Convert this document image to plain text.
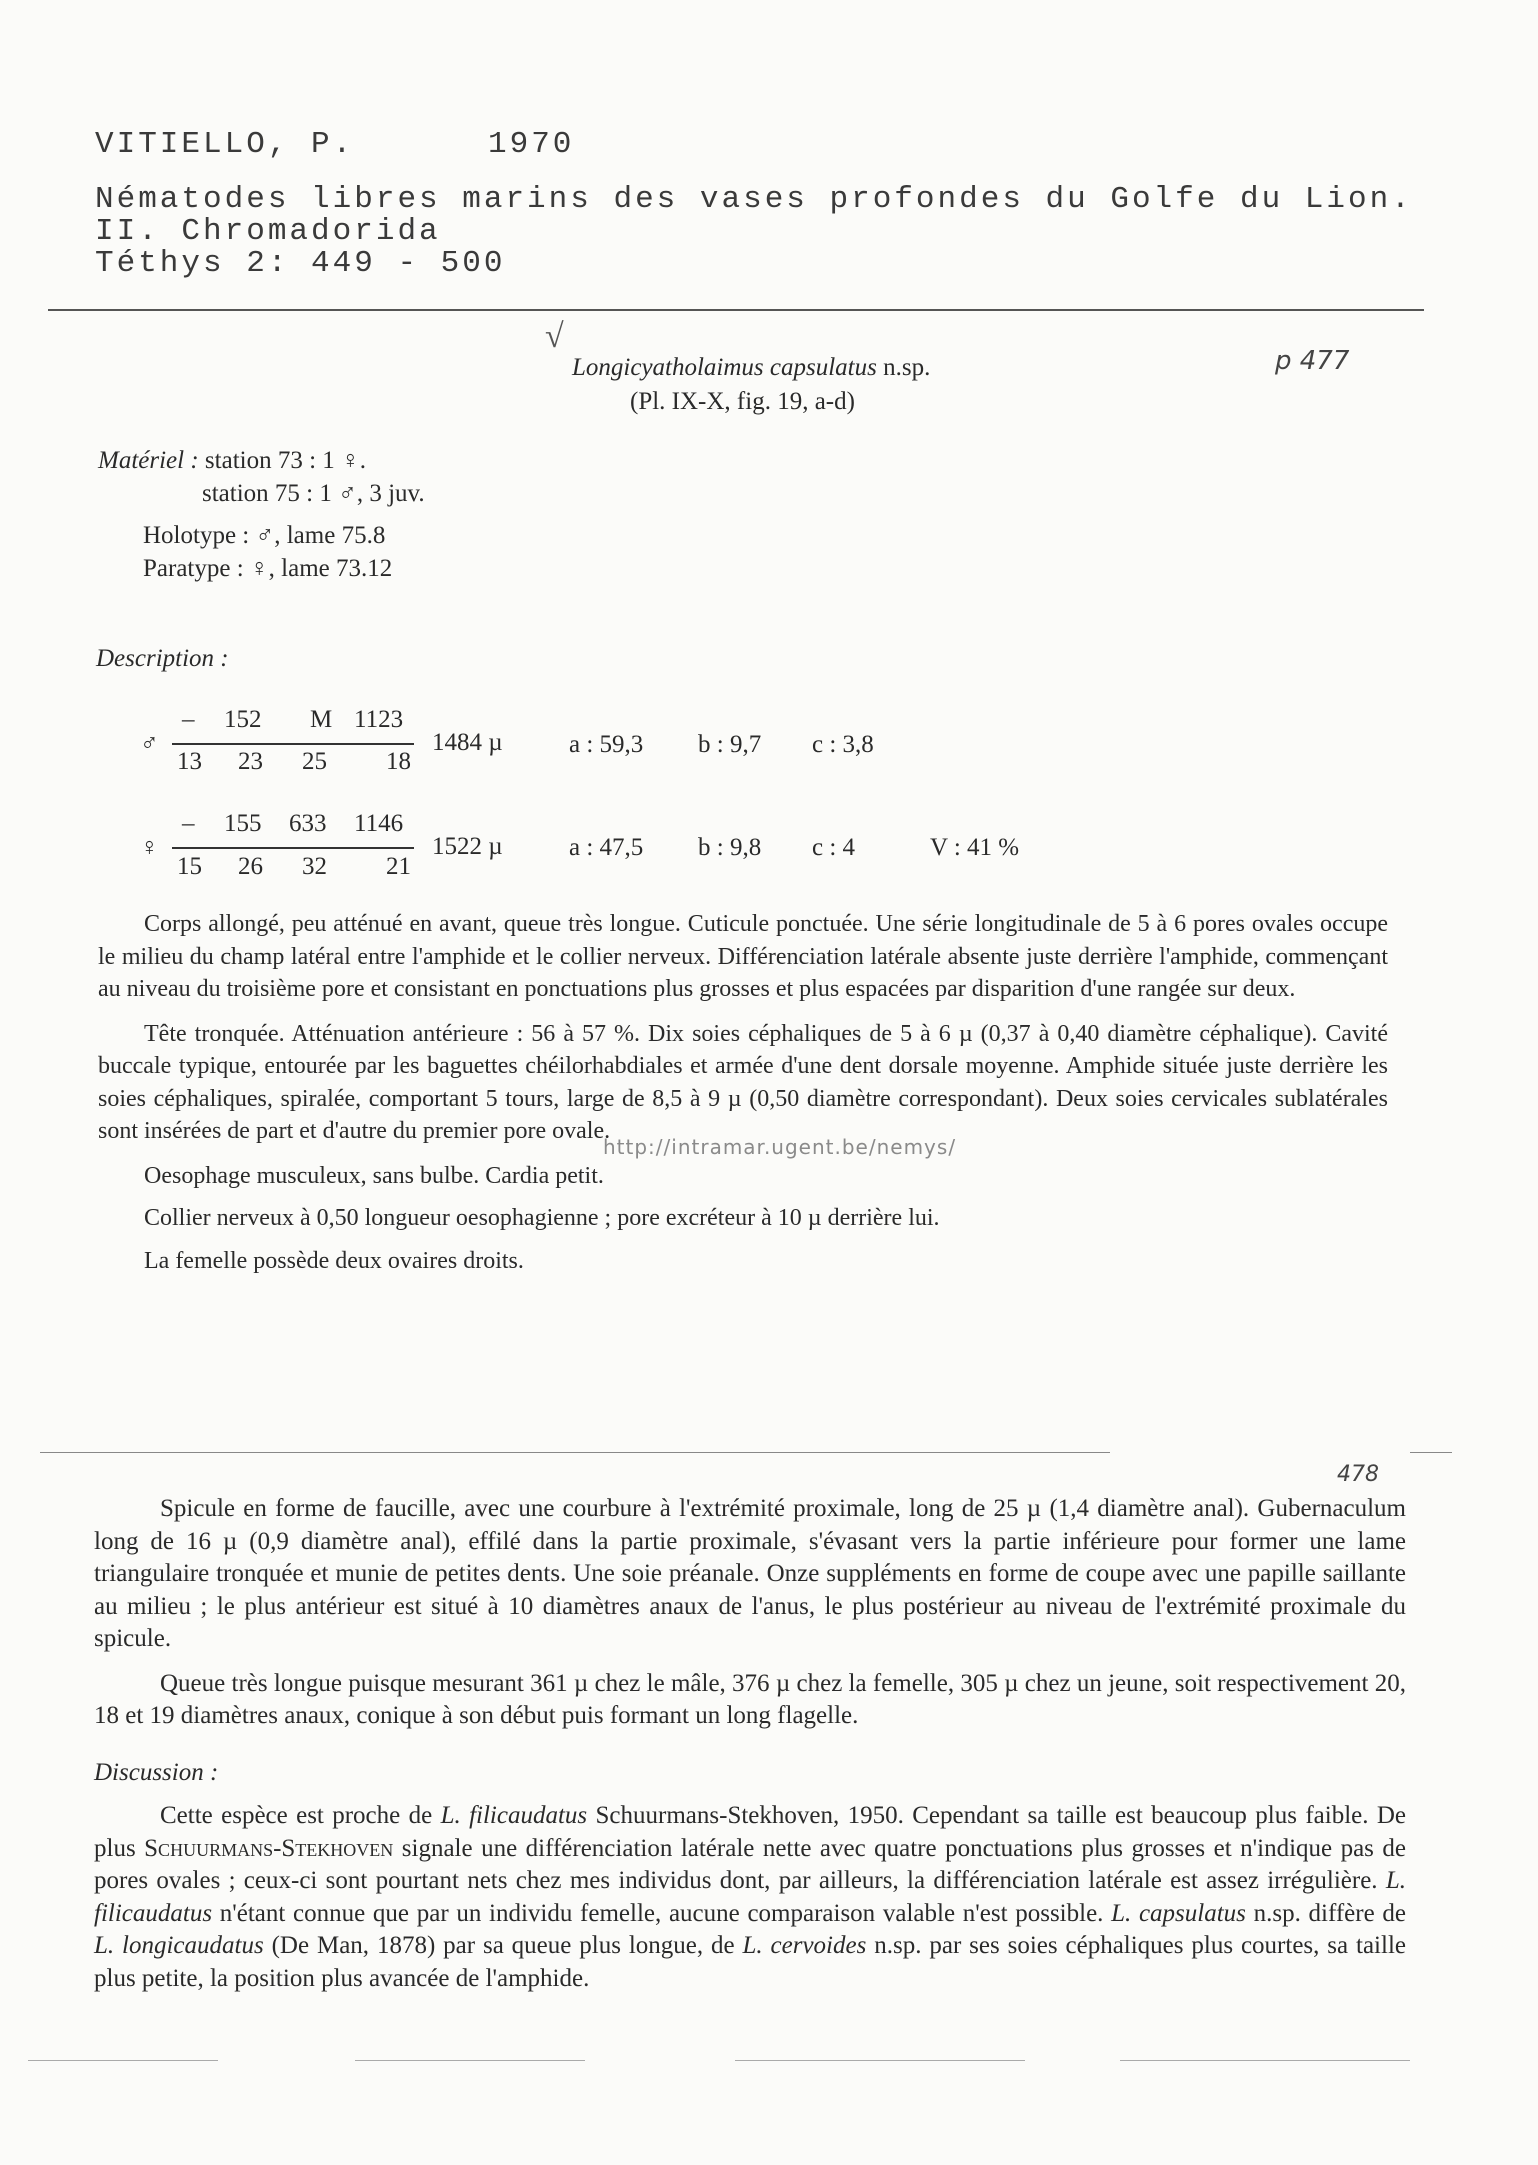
VITIELLO, P.	1970
Nématodes libres marins des vases profondes du Golfe du Lion.
II. Chromadorida
Téthys 2: 449 - 500
√
Longicyatholaimus capsulatus n.sp.
(Pl. IX-X, fig. 19, a-d)
p 477
Matériel : station 73 : 1 ♀.
station 75 : 1 ♂, 3 juv.
Holotype : ♂, lame 75.8
Paratype : ♀, lame 73.12
Description :
♂
– 152 M 1123
13 23 25 18
1484 µ	a : 59,3 b : 9,7 c : 3,8
♀
– 155 633 1146
15 26 32 21
1522 µ	a : 47,5 b : 9,8 c : 4	V : 41 %

Corps allongé, peu atténué en avant, queue très longue. Cuticule ponctuée. Une série longitudinale de 5 à 6 pores ovales occupe le milieu du champ latéral entre l'amphide et le collier nerveux. Différenciation latérale absente juste derrière l'amphide, commençant au niveau du troisième pore et consistant en ponctuations plus grosses et plus espacées par disparition d'une rangée sur deux.

Tête tronquée. Atténuation antérieure : 56 à 57 %. Dix soies céphaliques de 5 à 6 µ (0,37 à 0,40 diamètre céphalique). Cavité buccale typique, entourée par les baguettes chéilorhabdiales et armée d'une dent dorsale moyenne. Amphide située juste derrière les soies céphaliques, spiralée, comportant 5 tours, large de 8,5 à 9 µ (0,50 diamètre correspondant). Deux soies cervicales sublatérales sont insérées de part et d'autre du premier pore ovale.

Oesophage musculeux, sans bulbe. Cardia petit.

Collier nerveux à 0,50 longueur oesophagienne ; pore excréteur à 10 µ derrière lui.

La femelle possède deux ovaires droits.

http://intramar.ugent.be/nemys/
478

Spicule en forme de faucille, avec une courbure à l'extrémité proximale, long de 25 µ (1,4 diamètre anal). Gubernaculum long de 16 µ (0,9 diamètre anal), effilé dans la partie proximale, s'évasant vers la partie inférieure pour former une lame triangulaire tronquée et munie de petites dents. Une soie préanale. Onze suppléments en forme de coupe avec une papille saillante au milieu ; le plus antérieur est situé à 10 diamètres anaux de l'anus, le plus postérieur au niveau de l'extrémité proximale du spicule.

Queue très longue puisque mesurant 361 µ chez le mâle, 376 µ chez la femelle, 305 µ chez un jeune, soit respectivement 20, 18 et 19 diamètres anaux, conique à son début puis formant un long flagelle.

Discussion :

Cette espèce est proche de L. filicaudatus Schuurmans-Stekhoven, 1950. Cependant sa taille est beaucoup plus faible. De plus Schuurmans-Stekhoven signale une différenciation latérale nette avec quatre ponctuations plus grosses et n'indique pas de pores ovales ; ceux-ci sont pourtant nets chez mes individus dont, par ailleurs, la différenciation latérale est assez irrégulière. L. filicaudatus n'étant connue que par un individu femelle, aucune comparaison valable n'est possible. L. capsulatus n.sp. diffère de L. longicaudatus (De Man, 1878) par sa queue plus longue, de L. cervoides n.sp. par ses soies céphaliques plus courtes, sa taille plus petite, la position plus avancée de l'amphide.
